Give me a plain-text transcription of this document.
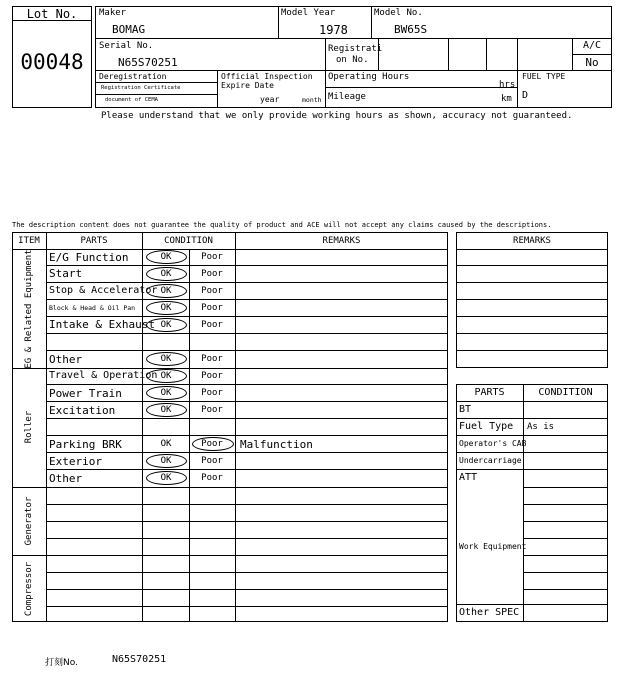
Lot No.
00048
Maker
BOMAG
Model Year
1978
Model No.
BW65S
Serial No.
N65S70251
Registrati
on No.
A/C
No
Deregistration
Registration Certificate
document of CEMA
Official Inspection
Expire Date
year	month
Operating Hours
hrs
Mileage	km
FUEL TYPE
D
Please understand that we only provide working hours as shown, accuracy not guaranteed.
The description content does not guarantee the quality of product and ACE will not accept any claims caused by the descriptions.
ITEM	PARTS	CONDITION	REMARKS
EG & Related Equipment
Roller
Generator
Compressor
E/G Function	OK	Poor
Start	OK	Poor
Stop & Accelerator OK	Poor
Block & Head & Oil Pan	OK	Poor
Intake & Exhaust OK	Poor
Other	OK	Poor
Travel & Operation OK	Poor
Power Train	OK	Poor
Excitation	OK	Poor
Parking BRK	OK	Poor	Malfunction
Exterior	OK	Poor
Other	OK	Poor
REMARKS
PARTS	CONDITION
BT
Fuel Type As is
Operator's CAB
Undercarriage
ATT
Work Equipment
Other SPEC
打刻No.	N65S70251
